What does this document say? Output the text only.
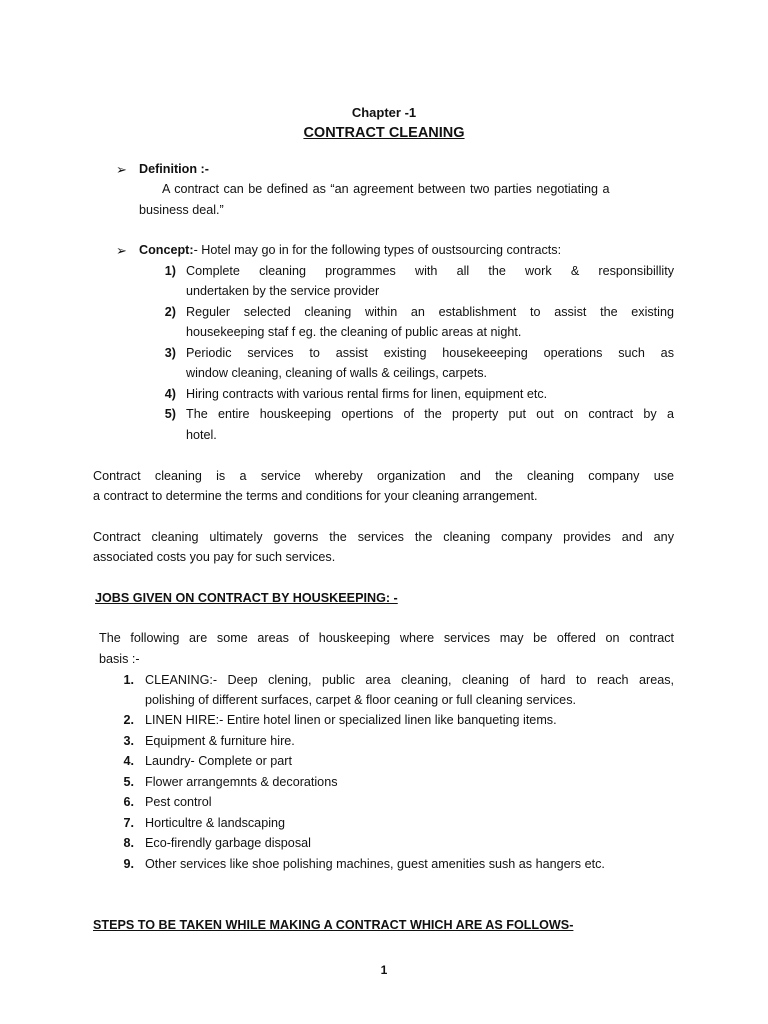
Chapter -1
CONTRACT CLEANING
➢ Definition :-
A contract can be defined as “an agreement between two parties negotiating a
business deal.”
➢ Concept:- Hotel may go in for the following types of oustsourcing contracts:
1) Complete cleaning programmes with all the work & responsibillity
undertaken by the service provider
2) Reguler selected cleaning within an establishment to assist the existing
housekeeping staf f eg. the cleaning of public areas at night.
3) Periodic services to assist existing housekeeeping operations such as
window cleaning, cleaning of walls & ceilings, carpets.
4) Hiring contracts with various rental firms for linen, equipment etc.
5) The entire houskeeping opertions of the property put out on contract by a
hotel.
Contract cleaning is a service whereby organization and the cleaning company use
a contract to determine the terms and conditions for your cleaning arrangement.
Contract cleaning ultimately governs the services the cleaning company provides and any
associated costs you pay for such services.
JOBS GIVEN ON CONTRACT BY HOUSKEEPING: -
The following are some areas of houskeeping where services may be offered on contract
basis :-
1. CLEANING:- Deep clening, public area cleaning, cleaning of hard to reach areas,
polishing of different surfaces, carpet & floor ceaning or full cleaning services.
2. LINEN HIRE:- Entire hotel linen or specialized linen like banqueting items.
3. Equipment & furniture hire.
4. Laundry- Complete or part
5. Flower arrangemnts & decorations
6. Pest control
7. Horticultre & landscaping
8. Eco-firendly garbage disposal
9. Other services like shoe polishing machines, guest amenities sush as hangers etc.
STEPS TO BE TAKEN WHILE MAKING A CONTRACT WHICH ARE AS FOLLOWS-
1
